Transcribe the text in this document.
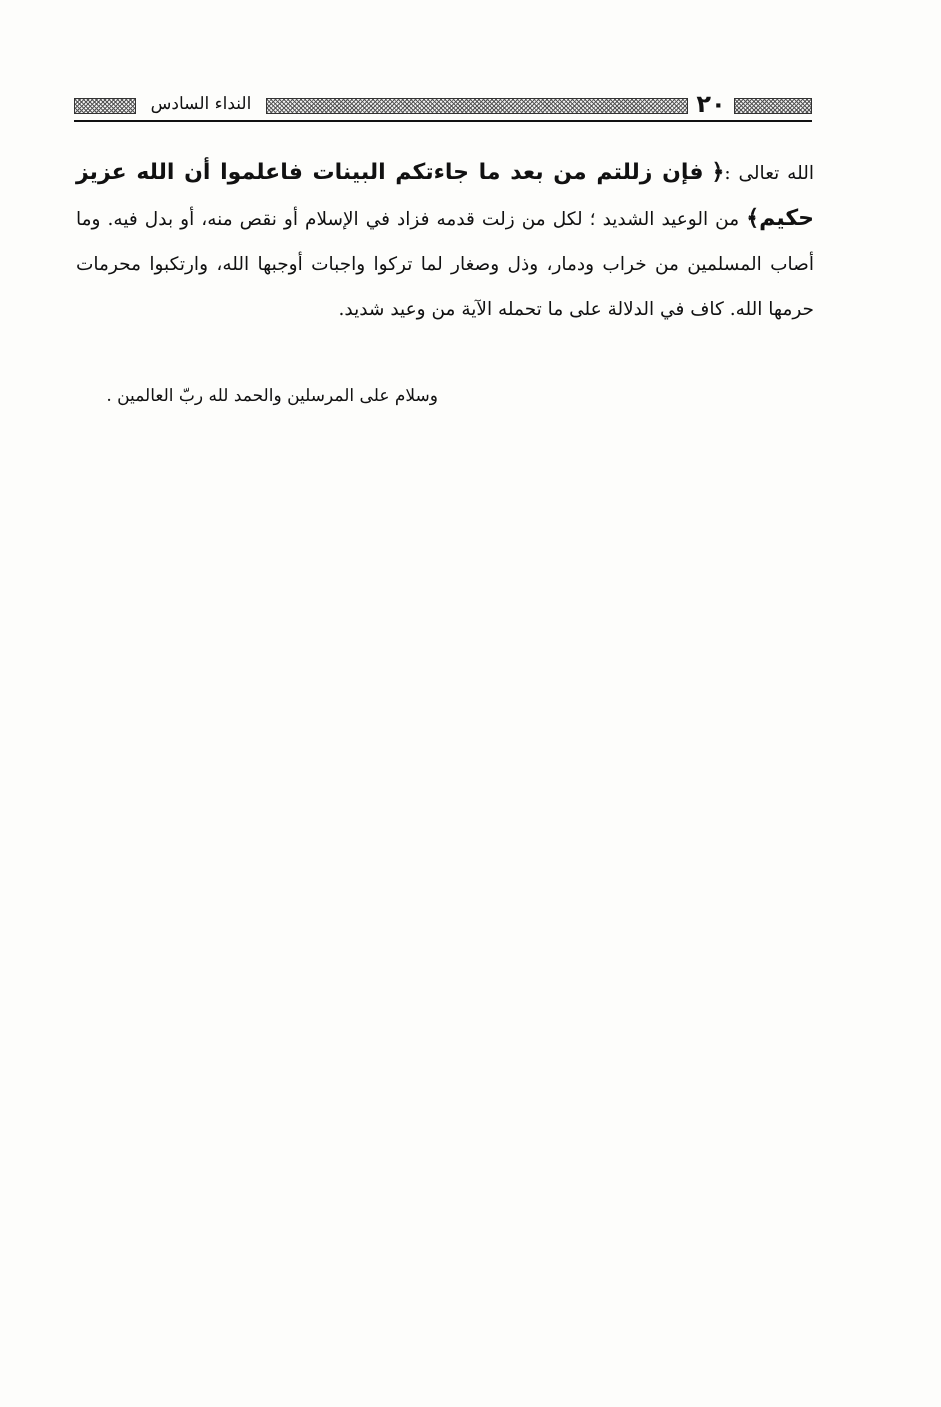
٢٠
النداء السادس
الله تعالى :﴿ فإن زللتم من بعد ما جاءتكم البينات فاعلموا أن الله عزيز حكيم﴾ من الوعيد الشديد ؛ لكل من زلت قدمه فزاد في الإسلام أو نقص منه، أو بدل فيه. وما أصاب المسلمين من خراب ودمار، وذل وصغار لما تركوا واجبات أوجبها الله، وارتكبوا محرمات حرمها الله. كاف في الدلالة على ما تحمله الآية من وعيد شديد.
وسلام على المرسلين والحمد لله ربّ العالمين .
